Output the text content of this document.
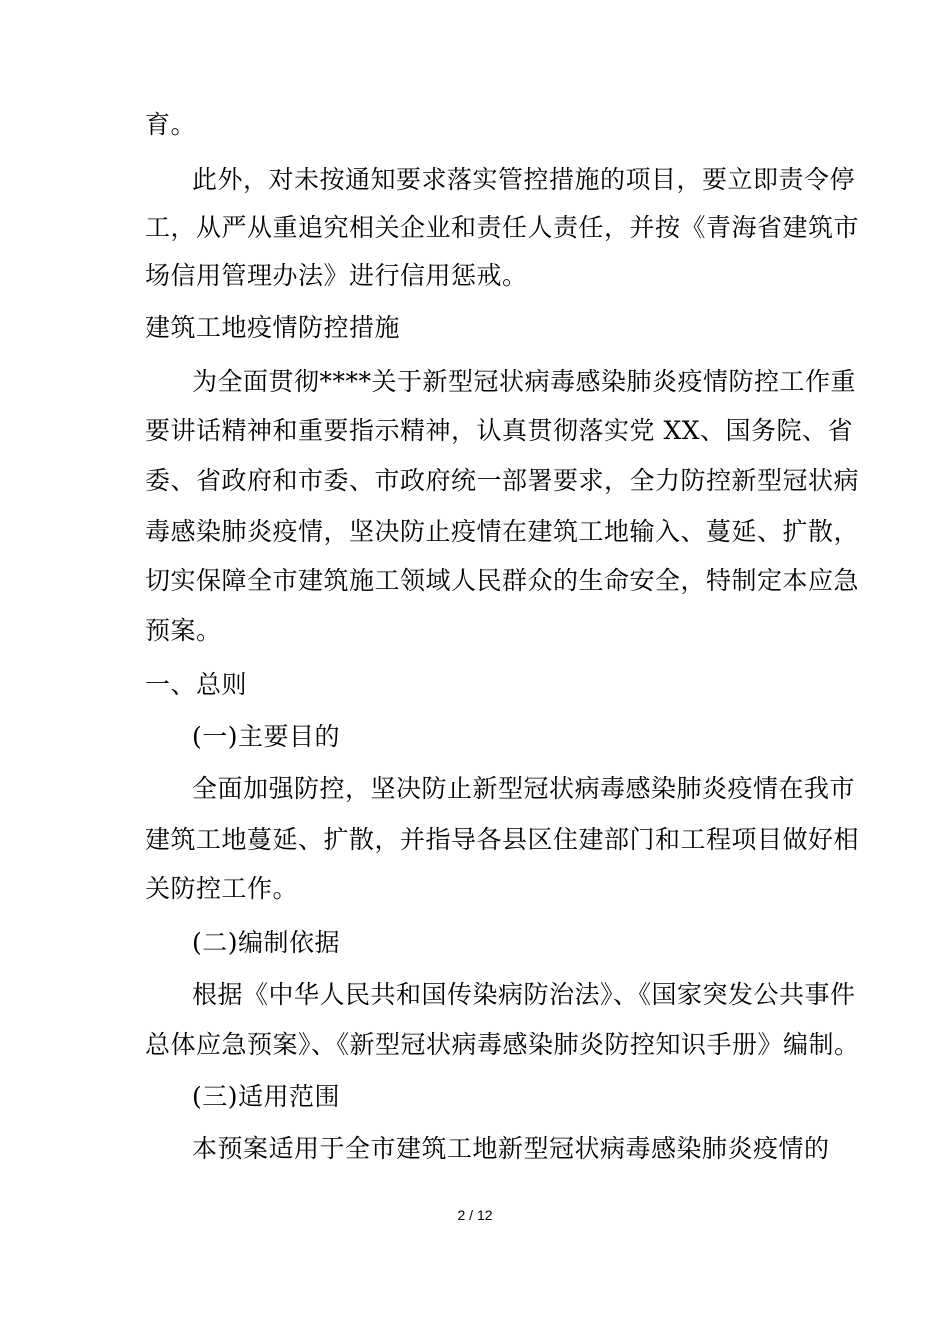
育。

此外，对未按通知要求落实管控措施的项目，要立即责令停

工，从严从重追究相关企业和责任人责任，并按《青海省建筑市

场信用管理办法》进行信用惩戒。

建筑工地疫情防控措施

为全面贯彻****关于新型冠状病毒感染肺炎疫情防控工作重

要讲话精神和重要指示精神，认真贯彻落实党 XX、国务院、省

委、省政府和市委、市政府统一部署要求，全力防控新型冠状病

毒感染肺炎疫情，坚决防止疫情在建筑工地输入、蔓延、扩散，

切实保障全市建筑施工领域人民群众的生命安全，特制定本应急

预案。

一、总则

(一)主要目的

全面加强防控，坚决防止新型冠状病毒感染肺炎疫情在我市

建筑工地蔓延、扩散，并指导各县区住建部门和工程项目做好相

关防控工作。

(二)编制依据

根据《中华人民共和国传染病防治法》、《国家突发公共事件

总体应急预案》、《新型冠状病毒感染肺炎防控知识手册》编制。

(三)适用范围

本预案适用于全市建筑工地新型冠状病毒感染肺炎疫情的

2 / 12
